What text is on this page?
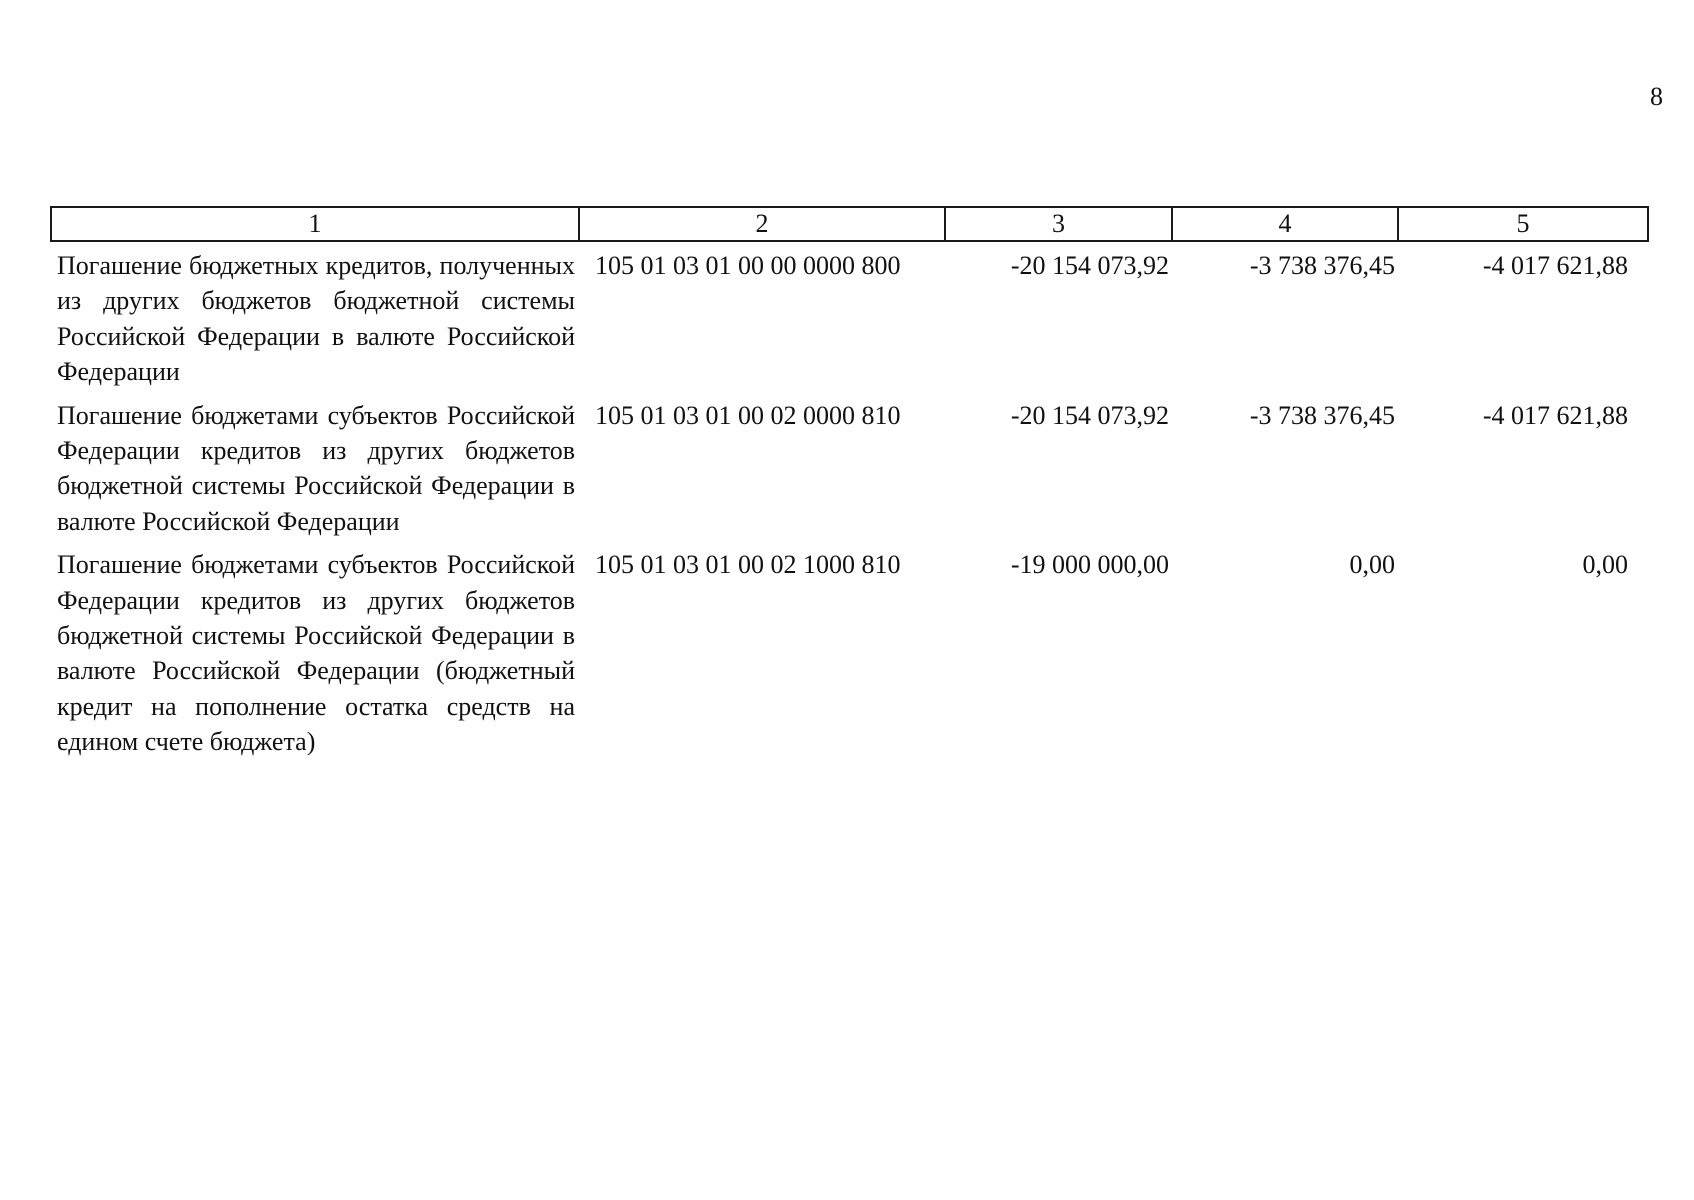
8
1	2	3	4	5
Погашение бюджетных кредитов, полученных из других бюджетов бюджетной системы Российской Федерации в валюте Российской Федерации	105 01 03 01 00 00 0000 800	-20 154 073,92	-3 738 376,45	-4 017 621,88
Погашение бюджетами субъектов Российской Федерации кредитов из других бюджетов бюджетной системы Российской Федерации в валюте Российской Федерации	105 01 03 01 00 02 0000 810	-20 154 073,92	-3 738 376,45	-4 017 621,88
Погашение бюджетами субъектов Российской Федерации кредитов из других бюджетов бюджетной системы Российской Федерации в валюте Российской Федерации (бюджетный кредит на пополнение остатка средств на едином счете бюджета)	105 01 03 01 00 02 1000 810	-19 000 000,00	0,00	0,00
